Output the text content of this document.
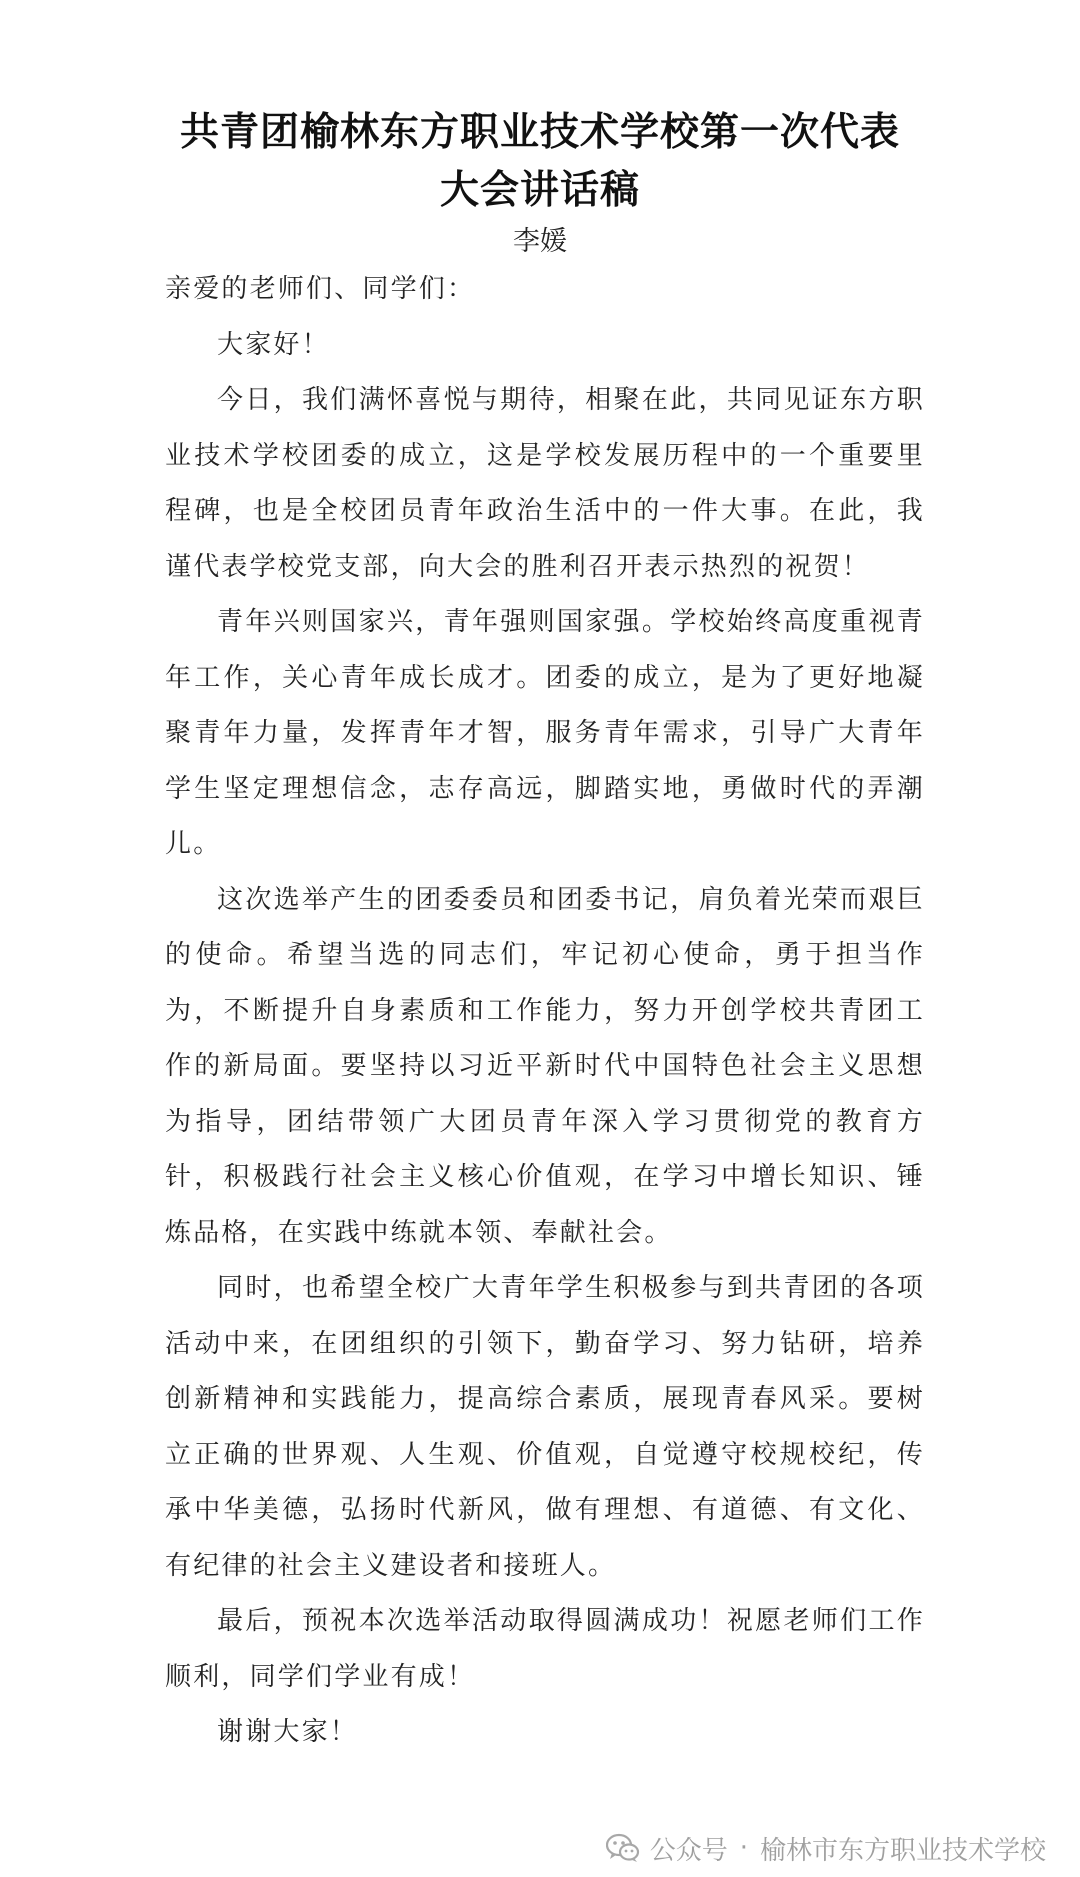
共青团榆林东方职业技术学校第一次代表
大会讲话稿
李媛

亲爱的老师们、同学们：

大家好！

今日，我们满怀喜悦与期待，相聚在此，共同见证东方职业技术学校团委的成立，这是学校发展历程中的一个重要里程碑，也是全校团员青年政治生活中的一件大事。在此，我谨代表学校党支部，向大会的胜利召开表示热烈的祝贺！

青年兴则国家兴，青年强则国家强。学校始终高度重视青年工作，关心青年成长成才。团委的成立，是为了更好地凝聚青年力量，发挥青年才智，服务青年需求，引导广大青年学生坚定理想信念，志存高远，脚踏实地，勇做时代的弄潮儿。

这次选举产生的团委委员和团委书记，肩负着光荣而艰巨的使命。希望当选的同志们，牢记初心使命，勇于担当作为，不断提升自身素质和工作能力，努力开创学校共青团工作的新局面。要坚持以习近平新时代中国特色社会主义思想为指导，团结带领广大团员青年深入学习贯彻党的教育方针，积极践行社会主义核心价值观，在学习中增长知识、锤炼品格，在实践中练就本领、奉献社会。

同时，也希望全校广大青年学生积极参与到共青团的各项活动中来，在团组织的引领下，勤奋学习、努力钻研，培养创新精神和实践能力，提高综合素质，展现青春风采。要树立正确的世界观、人生观、价值观，自觉遵守校规校纪，传承中华美德，弘扬时代新风，做有理想、有道德、有文化、有纪律的社会主义建设者和接班人。

最后，预祝本次选举活动取得圆满成功！祝愿老师们工作顺利，同学们学业有成！

谢谢大家！

公众号 · 榆林市东方职业技术学校
